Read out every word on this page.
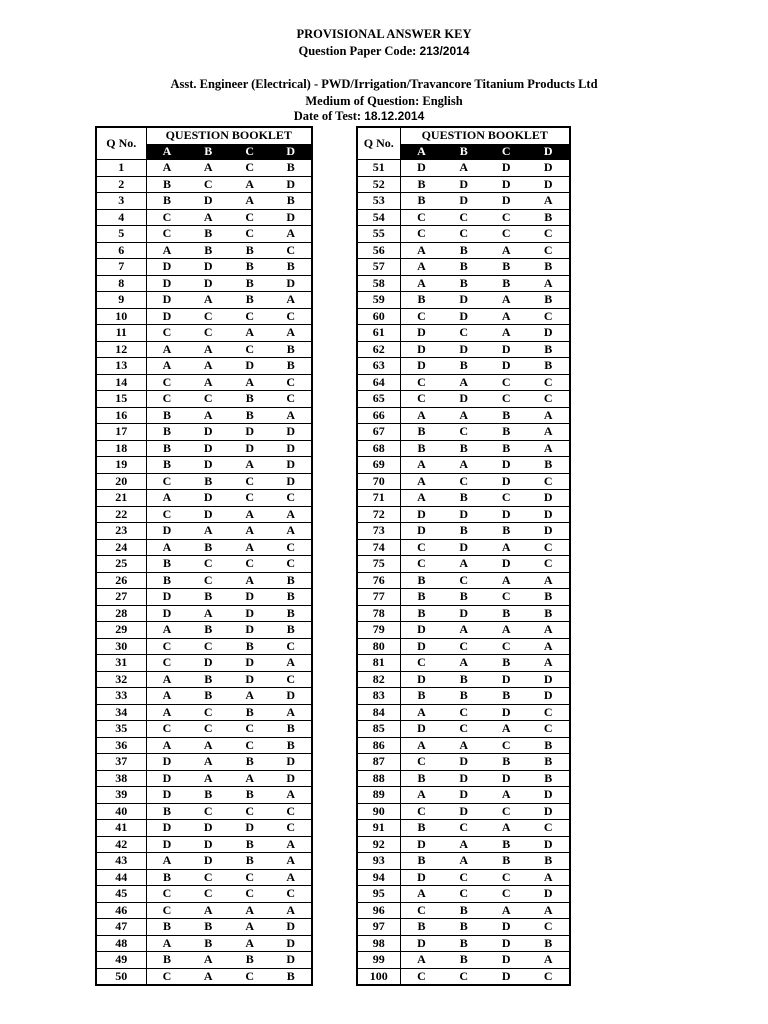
PROVISIONAL ANSWER KEY
Question Paper Code: 213/2014
Asst. Engineer (Electrical) - PWD/Irrigation/Travancore Titanium Products Ltd
Medium of Question: English
Date of Test: 18.12.2014
Q No.	QUESTION BOOKLET			
	A	B	C	D
1	A	A	C	B
2	B	C	A	D
3	B	D	A	B
4	C	A	C	D
5	C	B	C	A
6	A	B	B	C
7	D	D	B	B
8	D	D	B	D
9	D	A	B	A
10	D	C	C	C
11	C	C	A	A
12	A	A	C	B
13	A	A	D	B
14	C	A	A	C
15	C	C	B	C
16	B	A	B	A
17	B	D	D	D
18	B	D	D	D
19	B	D	A	D
20	C	B	C	D
21	A	D	C	C
22	C	D	A	A
23	D	A	A	A
24	A	B	A	C
25	B	C	C	C
26	B	C	A	B
27	D	B	D	B
28	D	A	D	B
29	A	B	D	B
30	C	C	B	C
31	C	D	D	A
32	A	B	D	C
33	A	B	A	D
34	A	C	B	A
35	C	C	C	B
36	A	A	C	B
37	D	A	B	D
38	D	A	A	D
39	D	B	B	A
40	B	C	C	C
41	D	D	D	C
42	D	D	B	A
43	A	D	B	A
44	B	C	C	A
45	C	C	C	C
46	C	A	A	A
47	B	B	A	D
48	A	B	A	D
49	B	A	B	D
50	C	A	C	B
Q No.	QUESTION BOOKLET			
	A	B	C	D
51	D	A	D	D
52	B	D	D	D
53	B	D	D	A
54	C	C	C	B
55	C	C	C	C
56	A	B	A	C
57	A	B	B	B
58	A	B	B	A
59	B	D	A	B
60	C	D	A	C
61	D	C	A	D
62	D	D	D	B
63	D	B	D	B
64	C	A	C	C
65	C	D	C	C
66	A	A	B	A
67	B	C	B	A
68	B	B	B	A
69	A	A	D	B
70	A	C	D	C
71	A	B	C	D
72	D	D	D	D
73	D	B	B	D
74	C	D	A	C
75	C	A	D	C
76	B	C	A	A
77	B	B	C	B
78	B	D	B	B
79	D	A	A	A
80	D	C	C	A
81	C	A	B	A
82	D	B	D	D
83	B	B	B	D
84	A	C	D	C
85	D	C	A	C
86	A	A	C	B
87	C	D	B	B
88	B	D	D	B
89	A	D	A	D
90	C	D	C	D
91	B	C	A	C
92	D	A	B	D
93	B	A	B	B
94	D	C	C	A
95	A	C	C	D
96	C	B	A	A
97	B	B	D	C
98	D	B	D	B
99	A	B	D	A
100	C	C	D	C
